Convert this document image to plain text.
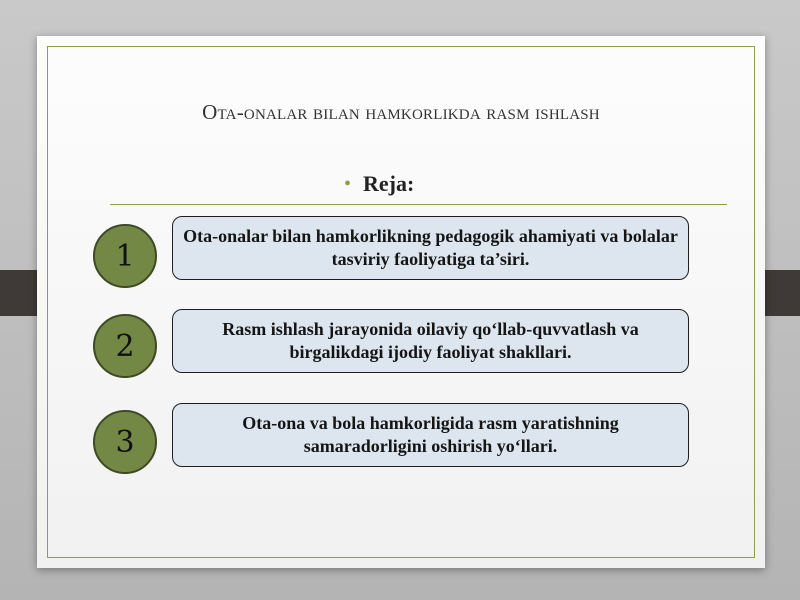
Ota-onalar bilan hamkorlikda rasm ishlash
• Reja:
1
Ota-onalar bilan hamkorlikning pedagogik ahamiyati va bolalar tasviriy faoliyatiga ta’siri.
2	Rasm ishlash jarayonida oilaviy qo‘llab-quvvatlash va birgalikdagi ijodiy faoliyat shakllari.
3
Ota-ona va bola hamkorligida rasm yaratishning samaradorligini oshirish yo‘llari.
